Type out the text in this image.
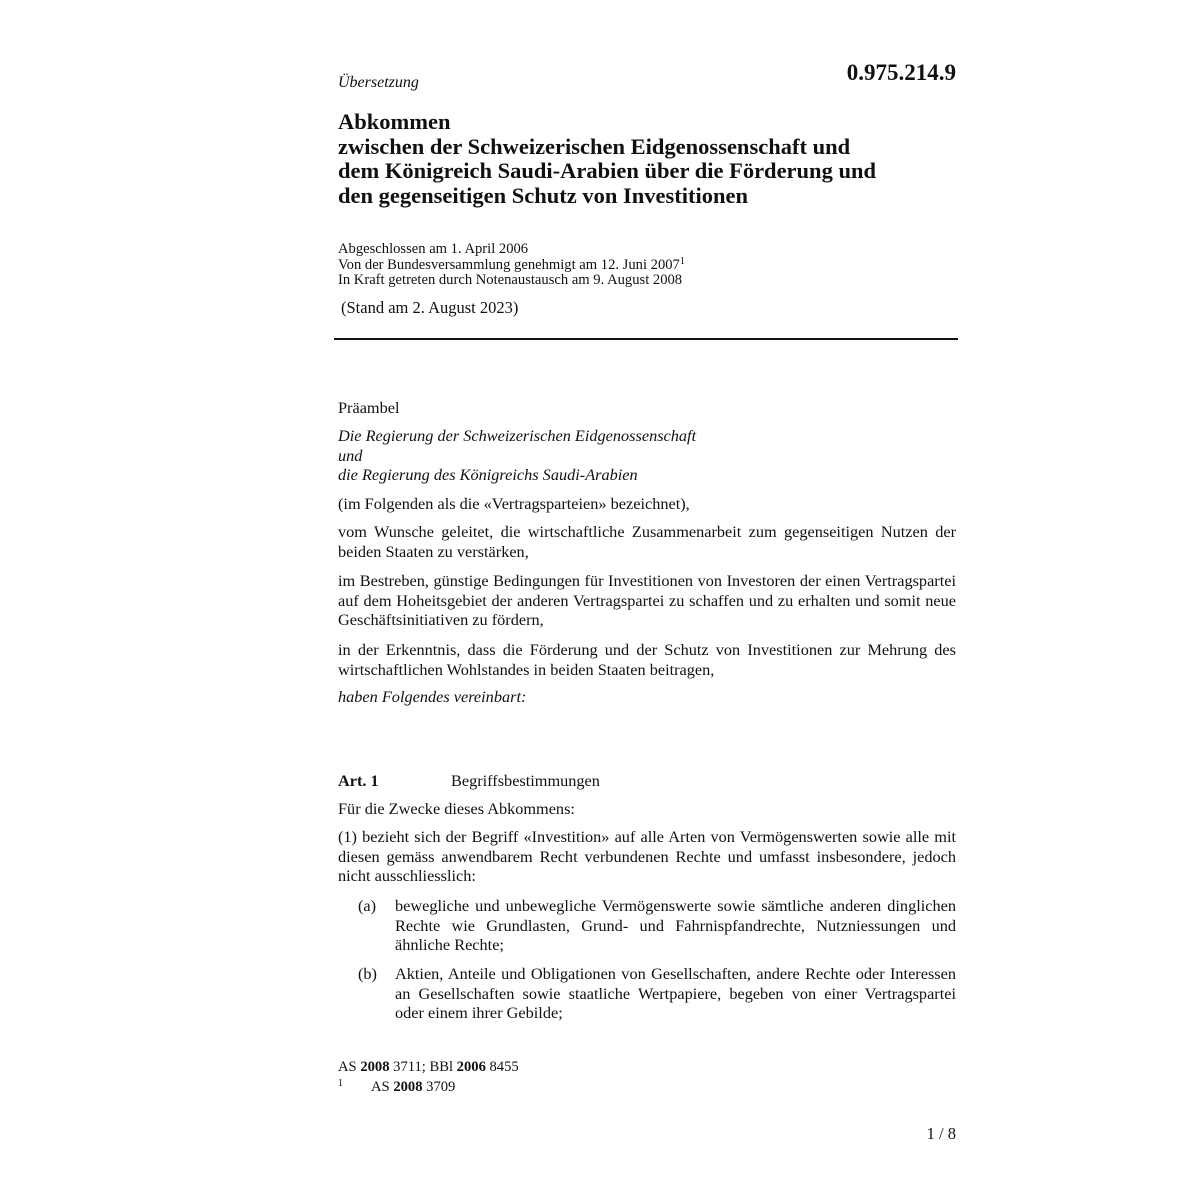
Übersetzung	0.975.214.9
Abkommen
zwischen der Schweizerischen Eidgenossenschaft und
dem Königreich Saudi-Arabien über die Förderung und
den gegenseitigen Schutz von Investitionen
Abgeschlossen am 1. April 2006
Von der Bundesversammlung genehmigt am 12. Juni 2007$^1$
In Kraft getreten durch Notenaustausch am 9. August 2008
(Stand am 2. August 2023)
Präambel
Die Regierung der Schweizerischen Eidgenossenschaft
und
die Regierung des Königreichs Saudi-Arabien
(im Folgenden als die «Vertragsparteien» bezeichnet),
vom Wunsche geleitet, die wirtschaftliche Zusammenarbeit zum gegenseitigen Nutzen der beiden Staaten zu verstärken,
im Bestreben, günstige Bedingungen für Investitionen von Investoren der einen Vertragspartei auf dem Hoheitsgebiet der anderen Vertragspartei zu schaffen und zu erhalten und somit neue Geschäftsinitiativen zu fördern,
in der Erkenntnis, dass die Förderung und der Schutz von Investitionen zur Mehrung des wirtschaftlichen Wohlstandes in beiden Staaten beitragen,
haben Folgendes vereinbart:
Art. 1	Begriffsbestimmungen
Für die Zwecke dieses Abkommens:
(1) bezieht sich der Begriff «Investition» auf alle Arten von Vermögenswerten sowie alle mit diesen gemäss anwendbarem Recht verbundenen Rechte und umfasst insbesondere, jedoch nicht ausschliesslich:
(a)	bewegliche und unbewegliche Vermögenswerte sowie sämtliche anderen dinglichen Rechte wie Grundlasten, Grund- und Fahrnispfandrechte, Nutzniessungen und ähnliche Rechte;
(b)	Aktien, Anteile und Obligationen von Gesellschaften, andere Rechte oder Interessen an Gesellschaften sowie staatliche Wertpapiere, begeben von einer Vertragspartei oder einem ihrer Gebilde;
AS 2008 3711; BBl 2006 8455
1 AS 2008 3709
1 / 8
